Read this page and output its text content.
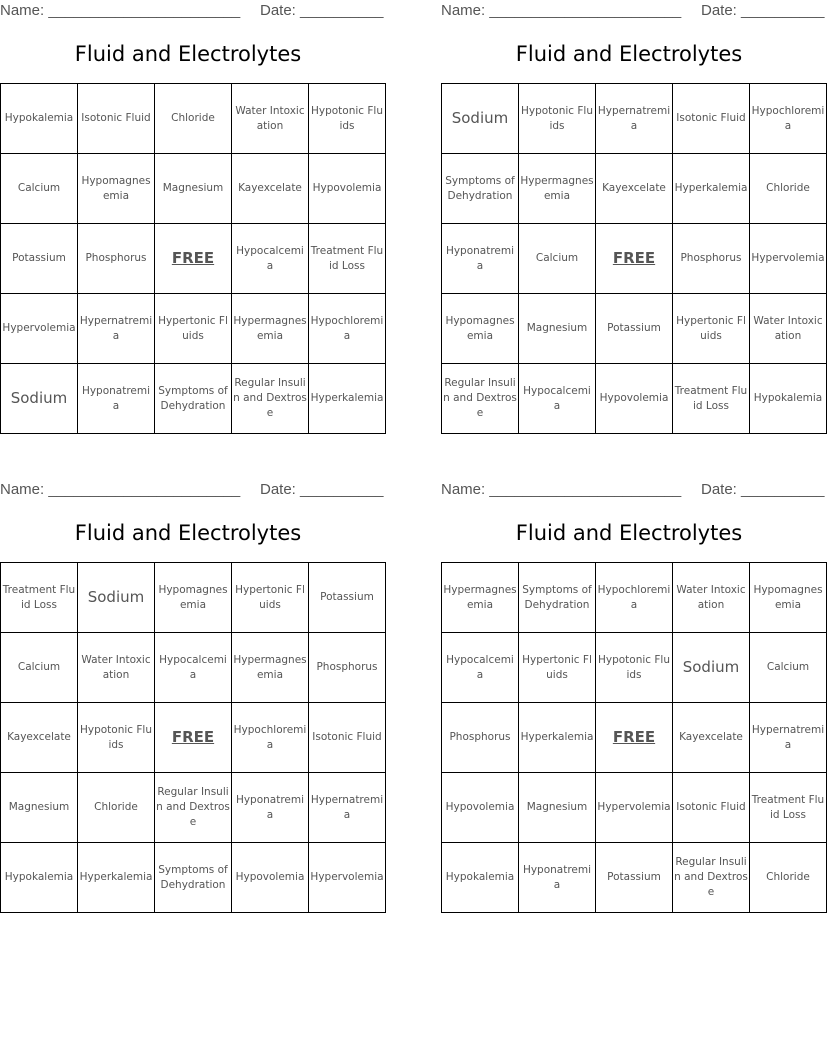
Name: _______________________ Date: __________
Fluid and Electrolytes
Hypokalemia	Isotonic Fluid	Chloride	Water Intoxication	Hypotonic Fluids
Calcium	Hypomagnesemia	Magnesium	Kayexcelate	Hypovolemia
Potassium	Phosphorus	FREE	Hypocalcemia	Treatment Fluid Loss
Hypervolemia	Hypernatremia	Hypertonic Fluids	Hypermagnesemia	Hypochloremia
Sodium	Hyponatremia	Symptoms of Dehydration	Regular Insulin and Dextrose	Hyperkalemia
Name: _______________________ Date: __________
Fluid and Electrolytes
Sodium	Hypotonic Fluids	Hypernatremia	Isotonic Fluid	Hypochloremia
Symptoms of Dehydration	Hypermagnesemia	Kayexcelate	Hyperkalemia	Chloride
Hyponatremia	Calcium	FREE	Phosphorus	Hypervolemia
Hypomagnesemia	Magnesium	Potassium	Hypertonic Fluids	Water Intoxication
Regular Insulin and Dextrose	Hypocalcemia	Hypovolemia	Treatment Fluid Loss	Hypokalemia
Name: _______________________ Date: __________
Fluid and Electrolytes
Treatment Fluid Loss	Sodium	Hypomagnesemia	Hypertonic Fluids	Potassium
Calcium	Water Intoxication	Hypocalcemia	Hypermagnesemia	Phosphorus
Kayexcelate	Hypotonic Fluids	FREE	Hypochloremia	Isotonic Fluid
Magnesium	Chloride	Regular Insulin and Dextrose	Hyponatremia	Hypernatremia
Hypokalemia	Hyperkalemia	Symptoms of Dehydration	Hypovolemia	Hypervolemia
Name: _______________________ Date: __________
Fluid and Electrolytes
Hypermagnesemia	Symptoms of Dehydration	Hypochloremia	Water Intoxication	Hypomagnesemia
Hypocalcemia	Hypertonic Fluids	Hypotonic Fluids	Sodium	Calcium
Phosphorus	Hyperkalemia	FREE	Kayexcelate	Hypernatremia
Hypovolemia	Magnesium	Hypervolemia	Isotonic Fluid	Treatment Fluid Loss
Hypokalemia	Hyponatremia	Potassium	Regular Insulin and Dextrose	Chloride
